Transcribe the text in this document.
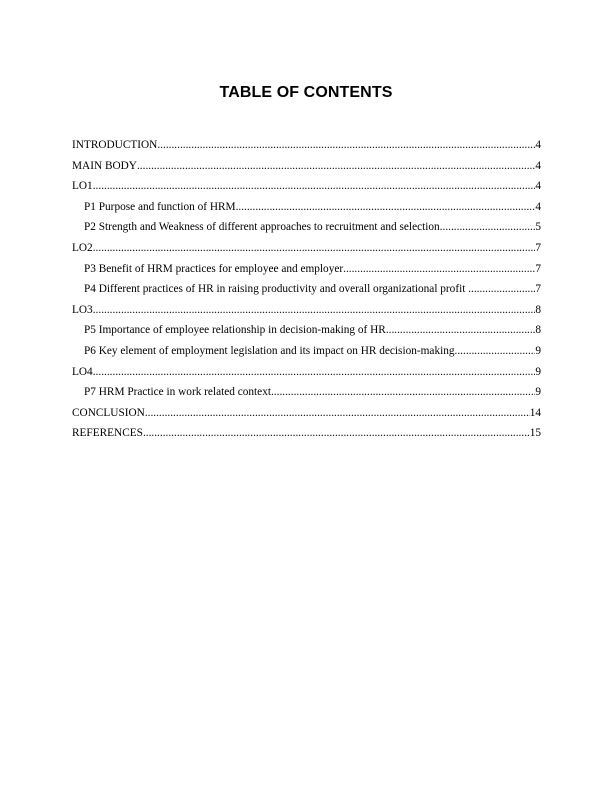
TABLE OF CONTENTS
INTRODUCTION .....	4
MAIN BODY .....	4
LO1 .....	4
P1 Purpose and function of HRM .....	4
P2 Strength and Weakness of different approaches to recruitment and selection .....	5
LO2 .....	7
P3 Benefit of HRM practices for employee and employer .....	7
P4 Different practices of HR in raising productivity and overall organizational profit .....	7
LO3 .....	8
P5 Importance of employee relationship in decision-making of HR .....	8
P6 Key element of employment legislation and its impact on HR decision-making .....	9
LO4 .....	9
P7 HRM Practice in work related context .....	9
CONCLUSION .....	14
REFERENCES .....	15
